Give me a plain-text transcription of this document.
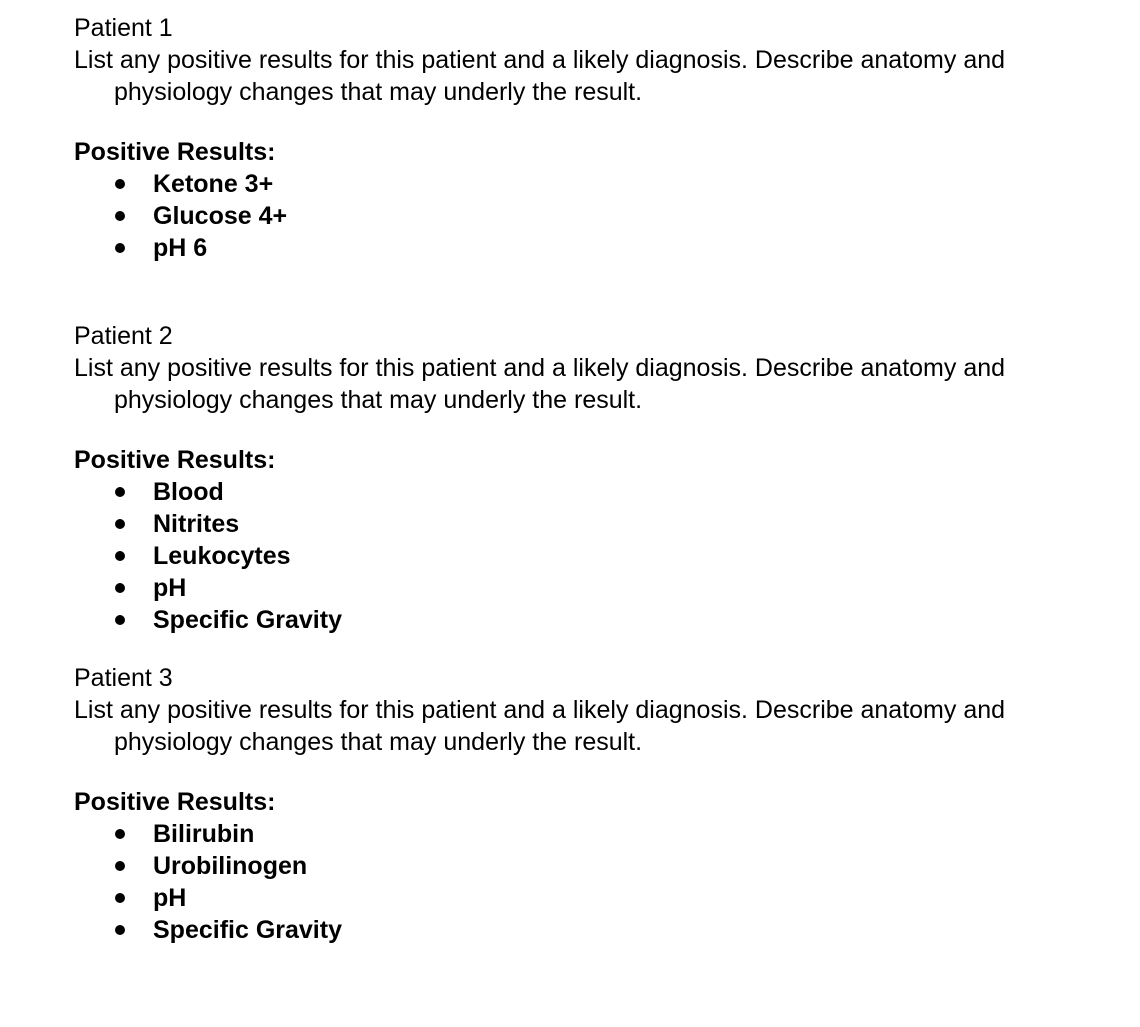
Patient 1
List any positive results for this patient and a likely diagnosis. Describe anatomy and
physiology changes that may underly the result.
Positive Results:
Ketone 3+
Glucose 4+
pH 6
Patient 2
List any positive results for this patient and a likely diagnosis. Describe anatomy and
physiology changes that may underly the result.
Positive Results:
Blood
Nitrites
Leukocytes
pH
Specific Gravity
Patient 3
List any positive results for this patient and a likely diagnosis. Describe anatomy and
physiology changes that may underly the result.
Positive Results:
Bilirubin
Urobilinogen
pH
Specific Gravity
